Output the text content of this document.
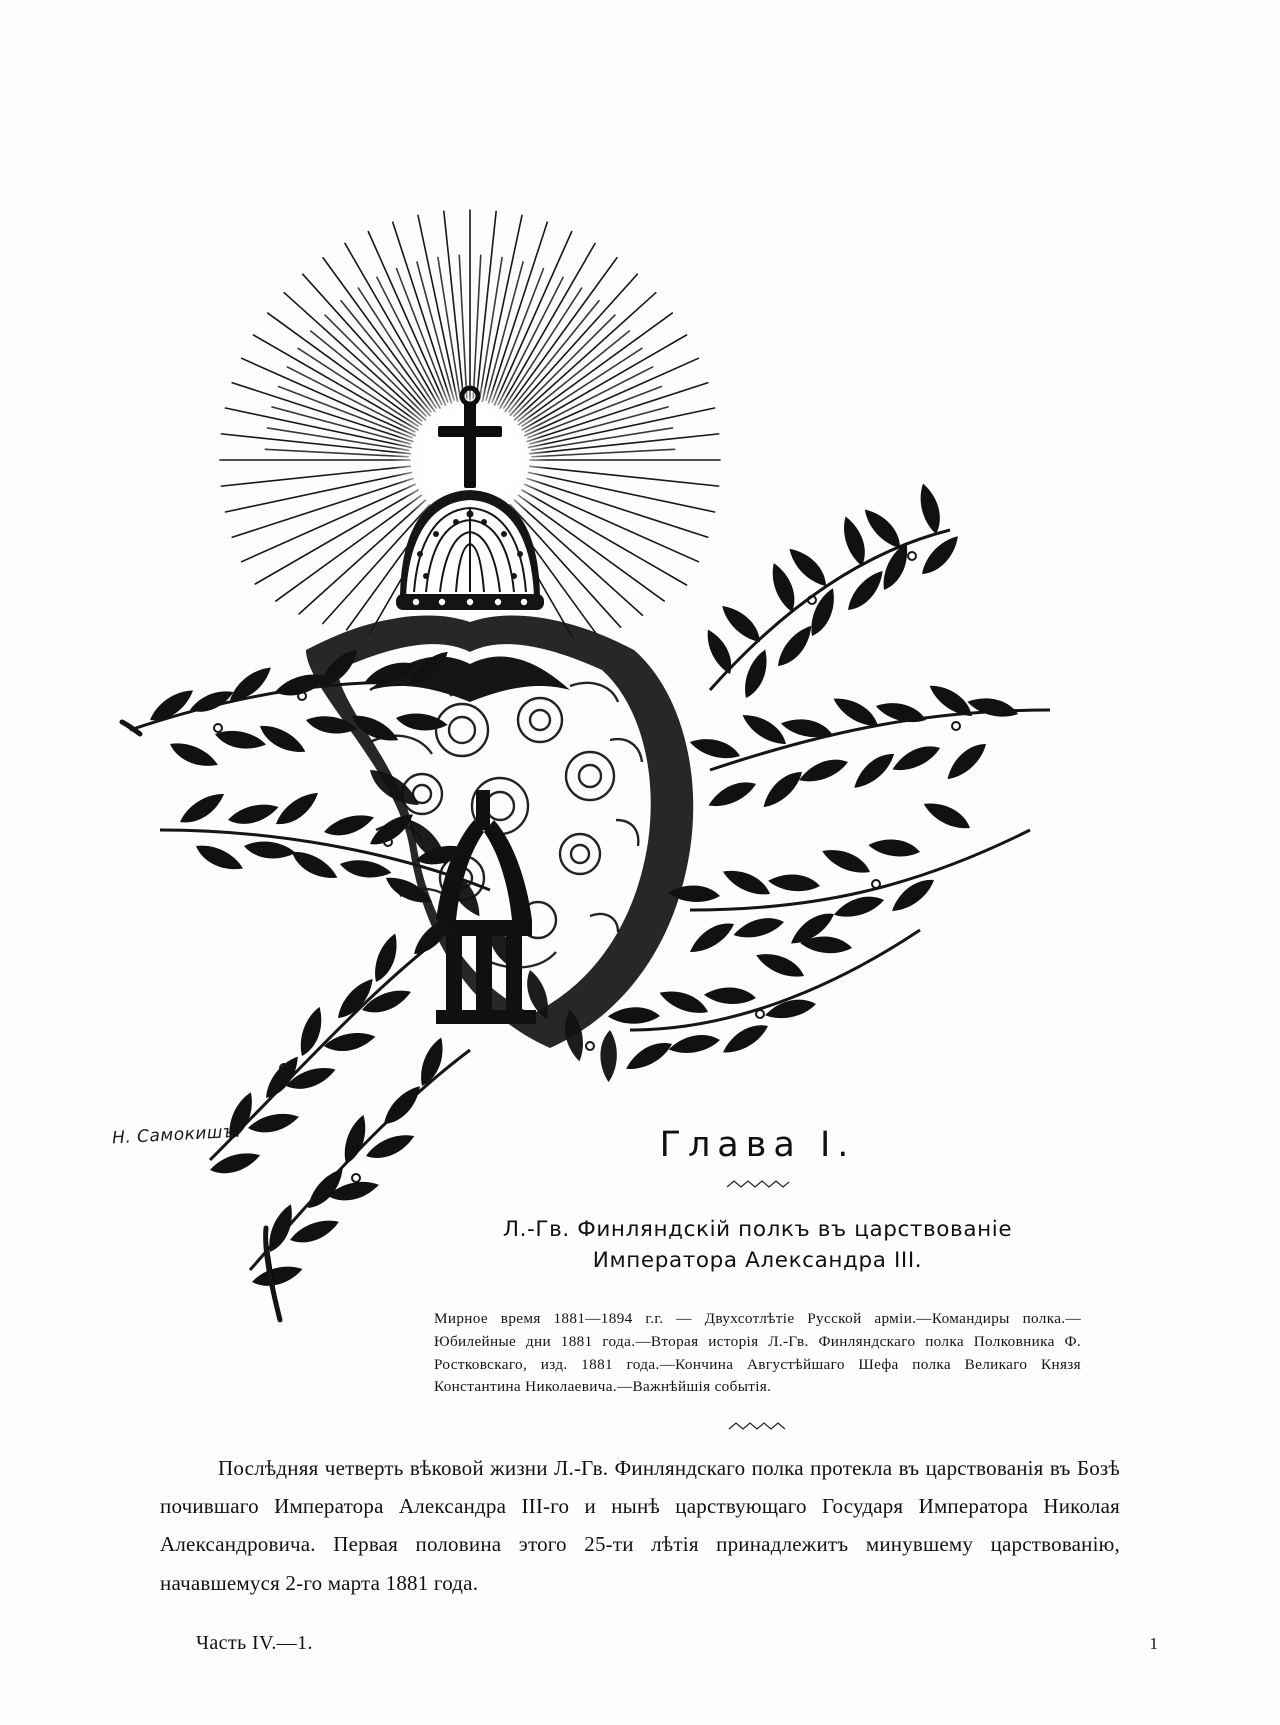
Н. Самокишъ.	Глава I.
Л.-Гв. Финляндскій полкъ въ царствованіе
Императора Александра III.
Мирное время 1881—1894 г.г. — Двухсотлѣтіе Русской арміи.—Командиры полка.—Юбилейные дни 1881 года.—Вторая исторія Л.-Гв. Финляндскаго полка Полковника Ф. Ростковскаго, изд. 1881 года.—Кончина Августѣйшаго Шефа полка Великаго Князя Константина Николаевича.—Важнѣйшія событія.
Послѣдняя четверть вѣковой жизни Л.-Гв. Финляндскаго полка протекла въ царствованія въ Бозѣ почившаго Императора Александра III-го и нынѣ царствующаго Государя Императора Николая Александровича. Первая половина этого 25-ти лѣтія принадлежитъ минувшему царствованію, начавшемуся 2-го марта 1881 года.
Часть IV.—1.	1
